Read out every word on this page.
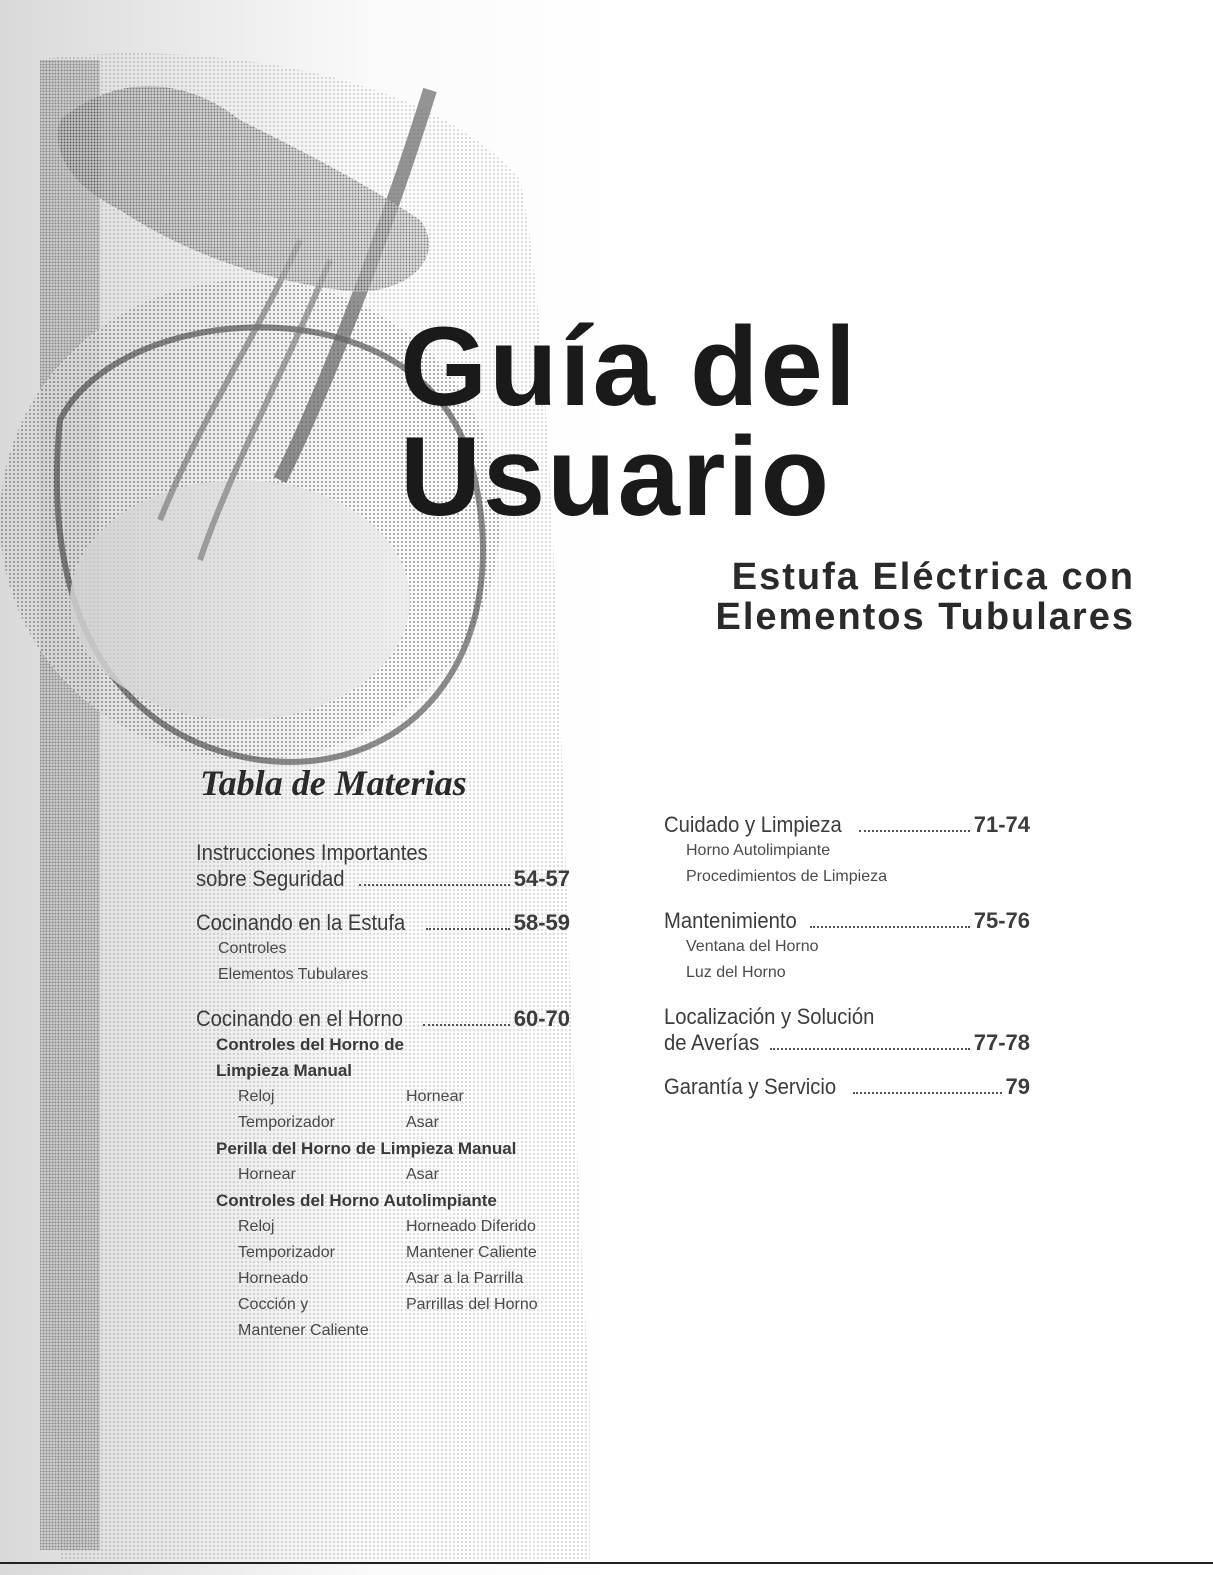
Guía del
Usuario
Estufa Eléctrica con
Elementos Tubulares
Tabla de Materias
Instrucciones Importantes
sobre Seguridad	54-57
Cocinando en la Estufa	58-59
Controles
Elementos Tubulares
Cocinando en el Horno	60-70
Controles del Horno de
Limpieza Manual
Reloj	Hornear
Temporizador	Asar
Perilla del Horno de Limpieza Manual
Hornear	Asar
Controles del Horno Autolimpiante
Reloj	Horneado Diferido
Temporizador	Mantener Caliente
Horneado	Asar a la Parrilla
Cocción y	Parrillas del Horno
Mantener Caliente
Cuidado y Limpieza	71-74
Horno Autolimpiante
Procedimientos de Limpieza
Mantenimiento	75-76
Ventana del Horno
Luz del Horno
Localización y Solución
de Averías	77-78
Garantía y Servicio	79
